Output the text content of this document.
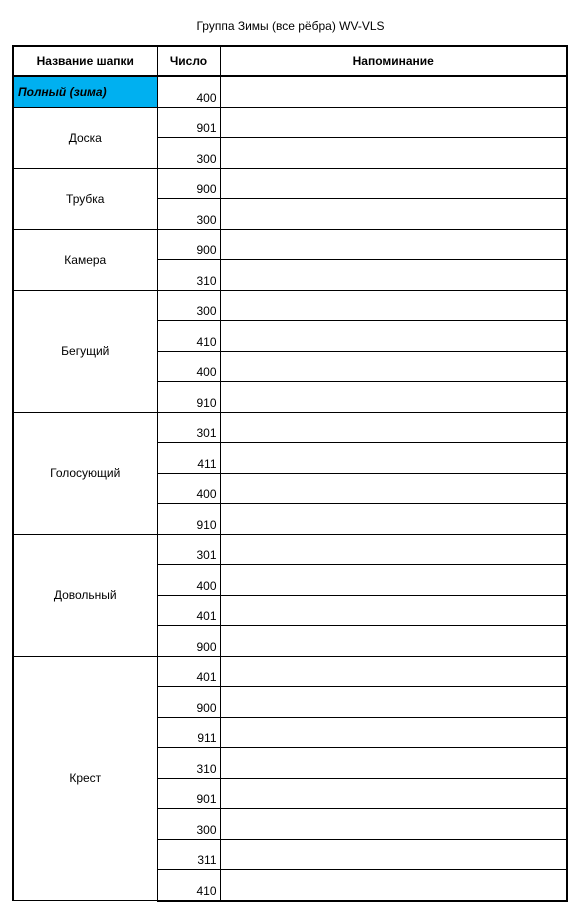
Группа Зимы (все рёбра) WV-VLS
Название шапки	Число	Напоминание
Полный (зима)	400	
Доска	901	
	300	
Трубка	900	
	300	
Камера	900	
	310	
Бегущий	300	
	410	
	400	
	910	
Голосующий	301	
	411	
	400	
	910	
Довольный	301	
	400	
	401	
	900	
Крест	401	
	900	
	911	
	310	
	901	
	300	
	311	
	410	
